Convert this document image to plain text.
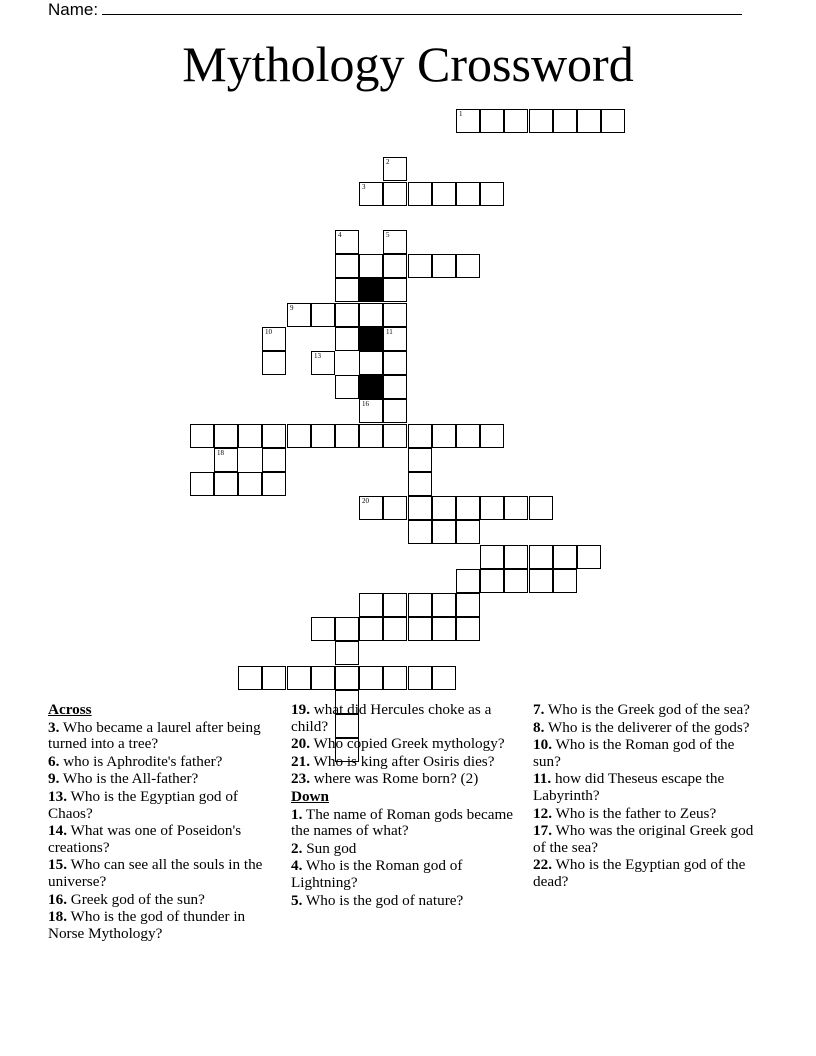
Name:
Mythology Crossword
1
2
3
4	5
9
10	11
13
16
18
20
Across
3. Who became a laurel after being turned into a tree?
6. who is Aphrodite's father?
9. Who is the All-father?
13. Who is the Egyptian god of Chaos?
14. What was one of Poseidon's creations?
15. Who can see all the souls in the universe?
16. Greek god of the sun?
18. Who is the god of thunder in Norse Mythology?
19. what did Hercules choke as a child?
20. Who copied Greek mythology?
21. Who is king after Osiris dies?
23. where was Rome born? (2)
Down
1. The name of Roman gods became the names of what?
2. Sun god
4. Who is the Roman god of Lightning?
5. Who is the god of nature?
7. Who is the Greek god of the sea?
8. Who is the deliverer of the gods?
10. Who is the Roman god of the sun?
11. how did Theseus escape the Labyrinth?
12. Who is the father to Zeus?
17. Who was the original Greek god of the sea?
22. Who is the Egyptian god of the dead?
